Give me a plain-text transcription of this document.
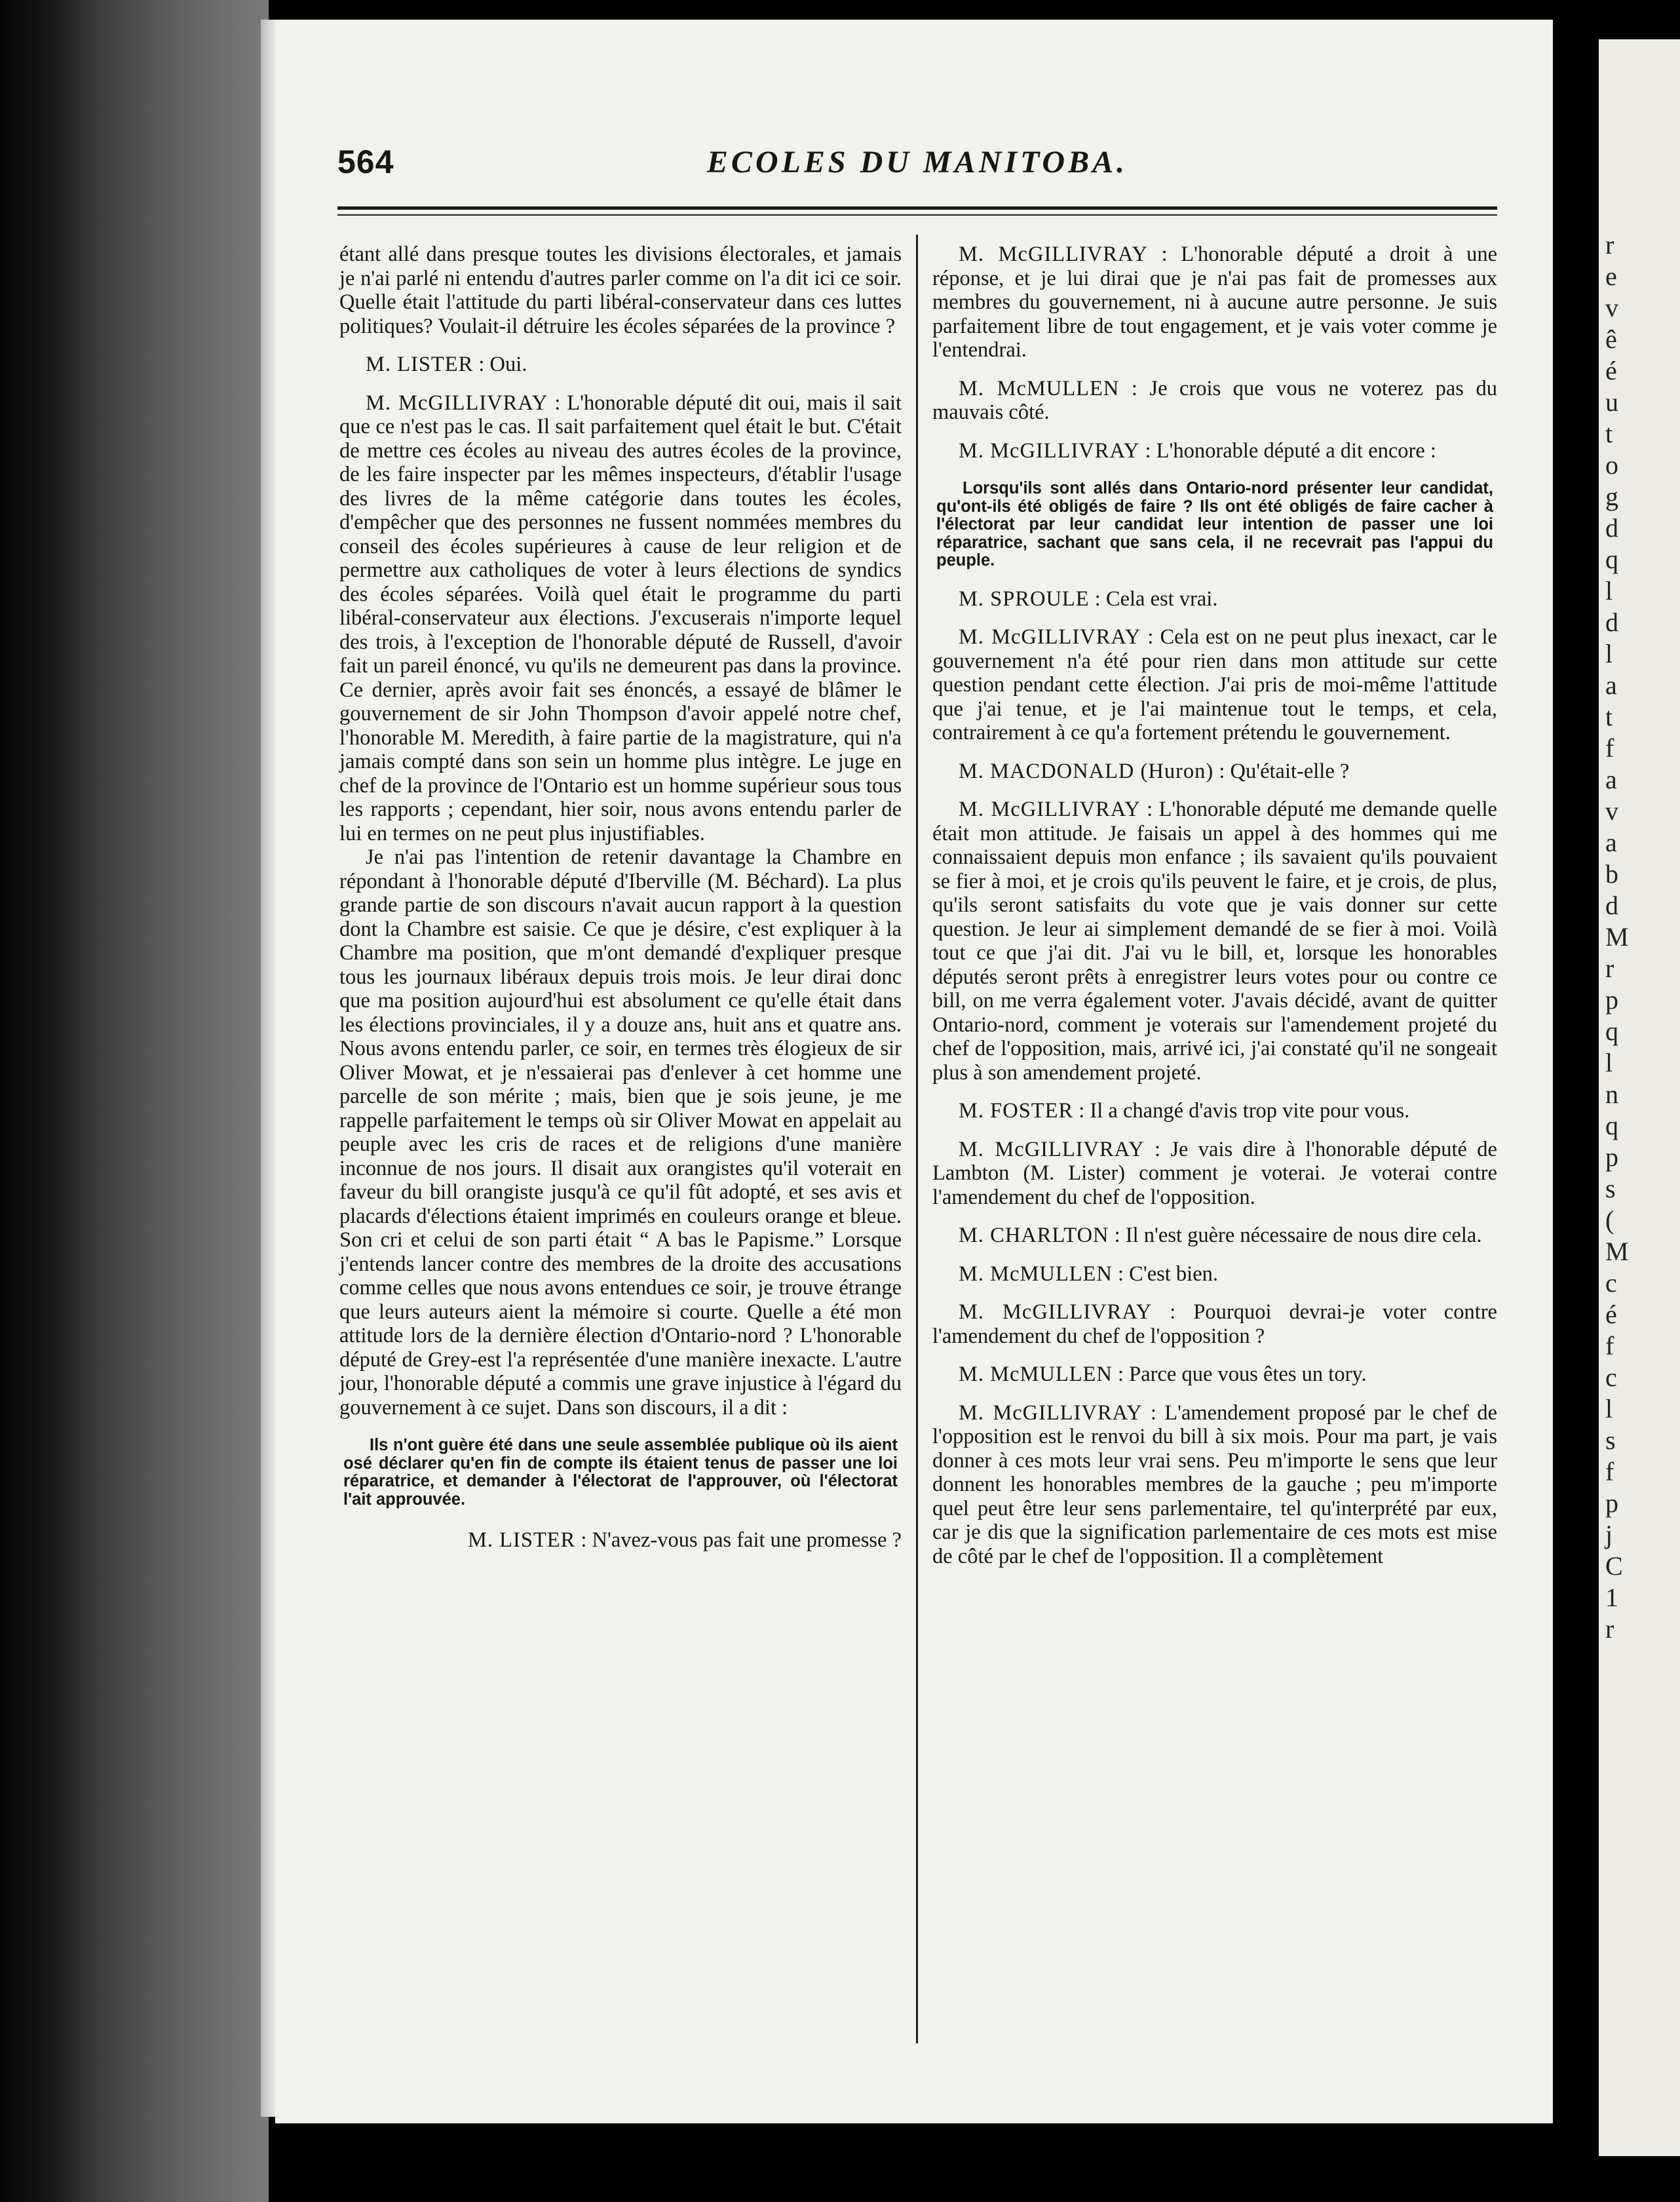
564	ECOLES DU MANITOBA.

étant allé dans presque toutes les divisions électorales, et jamais je n'ai parlé ni entendu d'autres parler comme on l'a dit ici ce soir. Quelle était l'attitude du parti libéral-conservateur dans ces luttes politiques? Voulait-il détruire les écoles séparées de la province ?

M. LISTER : Oui.

M. McGILLIVRAY : L'honorable député dit oui, mais il sait que ce n'est pas le cas. Il sait parfaitement quel était le but. C'était de mettre ces écoles au niveau des autres écoles de la province, de les faire inspecter par les mêmes inspecteurs, d'établir l'usage des livres de la même catégorie dans toutes les écoles, d'empêcher que des personnes ne fussent nommées membres du conseil des écoles supérieures à cause de leur religion et de permettre aux catholiques de voter à leurs élections de syndics des écoles séparées. Voilà quel était le programme du parti libéral-conservateur aux élections. J'excuserais n'importe lequel des trois, à l'exception de l'honorable député de Russell, d'avoir fait un pareil énoncé, vu qu'ils ne demeurent pas dans la province. Ce dernier, après avoir fait ses énoncés, a essayé de blâmer le gouvernement de sir John Thompson d'avoir appelé notre chef, l'honorable M. Meredith, à faire partie de la magistrature, qui n'a jamais compté dans son sein un homme plus intègre. Le juge en chef de la province de l'Ontario est un homme supérieur sous tous les rapports ; cependant, hier soir, nous avons entendu parler de lui en termes on ne peut plus injustifiables.

Je n'ai pas l'intention de retenir davantage la Chambre en répondant à l'honorable député d'Iberville (M. Béchard). La plus grande partie de son discours n'avait aucun rapport à la question dont la Chambre est saisie. Ce que je désire, c'est expliquer à la Chambre ma position, que m'ont demandé d'expliquer presque tous les journaux libéraux depuis trois mois. Je leur dirai donc que ma position aujourd'hui est absolument ce qu'elle était dans les élections provinciales, il y a douze ans, huit ans et quatre ans. Nous avons entendu parler, ce soir, en termes très élogieux de sir Oliver Mowat, et je n'essaierai pas d'enlever à cet homme une parcelle de son mérite ; mais, bien que je sois jeune, je me rappelle parfaitement le temps où sir Oliver Mowat en appelait au peuple avec les cris de races et de religions d'une manière inconnue de nos jours. Il disait aux orangistes qu'il voterait en faveur du bill orangiste jusqu'à ce qu'il fût adopté, et ses avis et placards d'élections étaient imprimés en couleurs orange et bleue. Son cri et celui de son parti était “ A bas le Papisme.” Lorsque j'entends lancer contre des membres de la droite des accusations comme celles que nous avons entendues ce soir, je trouve étrange que leurs auteurs aient la mémoire si courte. Quelle a été mon attitude lors de la dernière élection d'Ontario-nord ? L'honorable député de Grey-est l'a représentée d'une manière inexacte. L'autre jour, l'honorable député a commis une grave injustice à l'égard du gouvernement à ce sujet. Dans son discours, il a dit :

Ils n'ont guère été dans une seule assemblée publique où ils aient osé déclarer qu'en fin de compte ils étaient tenus de passer une loi réparatrice, et demander à l'électorat de l'approuver, où l'électorat l'ait approuvée.

M. LISTER : N'avez-vous pas fait une promesse ?

M. McGILLIVRAY : L'honorable député a droit à une réponse, et je lui dirai que je n'ai pas fait de promesses aux membres du gouvernement, ni à aucune autre personne. Je suis parfaitement libre de tout engagement, et je vais voter comme je l'entendrai.

M. McMULLEN : Je crois que vous ne voterez pas du mauvais côté.

M. McGILLIVRAY : L'honorable député a dit encore :

Lorsqu'ils sont allés dans Ontario-nord présenter leur candidat, qu'ont-ils été obligés de faire ? Ils ont été obligés de faire cacher à l'électorat par leur candidat leur intention de passer une loi réparatrice, sachant que sans cela, il ne recevrait pas l'appui du peuple.

M. SPROULE : Cela est vrai.

M. McGILLIVRAY : Cela est on ne peut plus inexact, car le gouvernement n'a été pour rien dans mon attitude sur cette question pendant cette élection. J'ai pris de moi-même l'attitude que j'ai tenue, et je l'ai maintenue tout le temps, et cela, contrairement à ce qu'a fortement prétendu le gouvernement.

M. MACDONALD (Huron) : Qu'était-elle ?

M. McGILLIVRAY : L'honorable député me demande quelle était mon attitude. Je faisais un appel à des hommes qui me connaissaient depuis mon enfance ; ils savaient qu'ils pouvaient se fier à moi, et je crois qu'ils peuvent le faire, et je crois, de plus, qu'ils seront satisfaits du vote que je vais donner sur cette question. Je leur ai simplement demandé de se fier à moi. Voilà tout ce que j'ai dit. J'ai vu le bill, et, lorsque les honorables députés seront prêts à enregistrer leurs votes pour ou contre ce bill, on me verra également voter. J'avais décidé, avant de quitter Ontario-nord, comment je voterais sur l'amendement projeté du chef de l'opposition, mais, arrivé ici, j'ai constaté qu'il ne songeait plus à son amendement projeté.

M. FOSTER : Il a changé d'avis trop vite pour vous.

M. McGILLIVRAY : Je vais dire à l'honorable député de Lambton (M. Lister) comment je voterai. Je voterai contre l'amendement du chef de l'opposition.

M. CHARLTON : Il n'est guère nécessaire de nous dire cela.

M. McMULLEN : C'est bien.

M. McGILLIVRAY : Pourquoi devrai-je voter contre l'amendement du chef de l'opposition ?

M. McMULLEN : Parce que vous êtes un tory.

M. McGILLIVRAY : L'amendement proposé par le chef de l'opposition est le renvoi du bill à six mois. Pour ma part, je vais donner à ces mots leur vrai sens. Peu m'importe le sens que leur donnent les honorables membres de la gauche ; peu m'importe quel peut être leur sens parlementaire, tel qu'interprété par eux, car je dis que la signification parlementaire de ces mots est mise de côté par le chef de l'opposition. Il a complètement

r
e
v
ê
é
u
t
o
g
d
q
l
d
l
a
t
f
a
v
a
b
d
M
r
p
q
l
n
q
p
s
(
M
c
é
f
c
l
s
f
p
j
C
1
r
